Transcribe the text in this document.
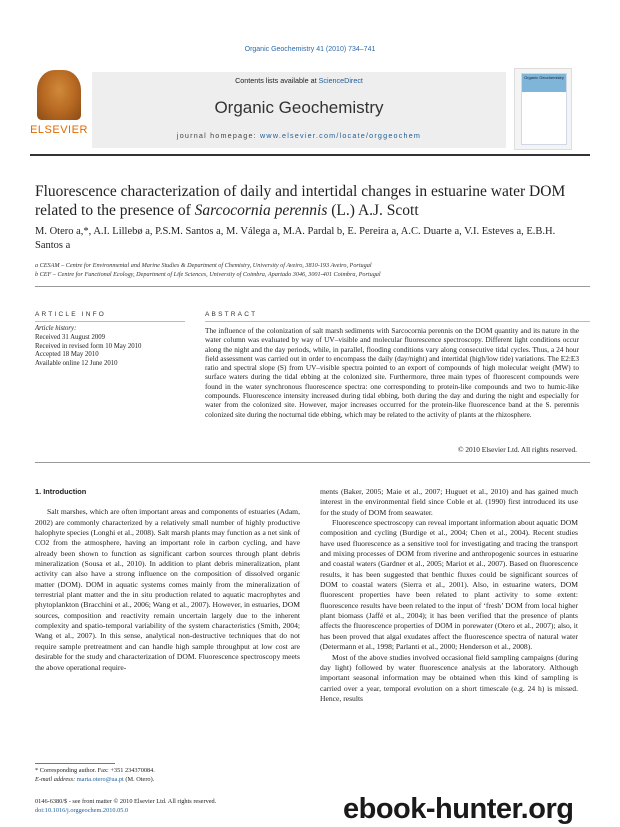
Organic Geochemistry 41 (2010) 734–741
Contents lists available at ScienceDirect
Organic Geochemistry
journal homepage: www.elsevier.com/locate/orggeochem
ELSEVIER
Organic Geochemistry
Fluorescence characterization of daily and intertidal changes in estuarine water DOM related to the presence of Sarcocornia perennis (L.) A.J. Scott
M. Otero a,*, A.I. Lillebø a, P.S.M. Santos a, M. Válega a, M.A. Pardal b, E. Pereira a, A.C. Duarte a, V.I. Esteves a, E.B.H. Santos a
a CESAM – Centre for Environmental and Marine Studies & Department of Chemistry, University of Aveiro, 3810-193 Aveiro, Portugal
b CEF – Centre for Functional Ecology, Department of Life Sciences, University of Coimbra, Apartado 3046, 3001-401 Coimbra, Portugal
ARTICLE INFO
Article history:
Received 31 August 2009
Received in revised form 10 May 2010
Accepted 18 May 2010
Available online 12 June 2010
ABSTRACT
The influence of the colonization of salt marsh sediments with Sarcocornia perennis on the DOM quantity and its nature in the water column was evaluated by way of UV–visible and molecular fluorescence spectroscopy. Different light conditions occur along the night and the day periods, while, in parallel, flooding conditions vary along consecutive tidal cycles. Thus, a 24 hour field assessment was carried out in order to encompass the daily (day/night) and intertidal (high/low tide) variations. The E2:E3 ratio and spectral slope (S) from UV–visible spectra pointed to an export of compounds of high molecular weight (MW) to surface waters during the tidal ebbing at the colonized site. Furthermore, three main types of fluorescent compounds were found in the water synchronous fluorescence spectra: one corresponding to protein-like compounds and two to humic-like compounds. Fluorescence intensity increased during tidal ebbing, both during the day and during the night and especially for water from the colonized site. However, major increases occurred for the protein-like fluorescence band at the S. perennis colonized site during the nocturnal tide ebbing, which may be related to the activity of plants at the rhizosphere.
© 2010 Elsevier Ltd. All rights reserved.
1. Introduction

Salt marshes, which are often important areas and components of estuaries (Adam, 2002) are commonly characterized by a relatively small number of highly productive halophyte species (Longhi et al., 2008). Salt marsh plants may function as a net sink of CO2 from the atmosphere, having an important role in carbon cycling, and have already been shown to function as significant carbon sources through plant debris mineralization (Sousa et al., 2010). In addition to plant debris mineralization, plant activity can also have a strong influence on the composition of dissolved organic matter (DOM). DOM in aquatic systems comes mainly from the mineralization of terrestrial plant matter and the in situ production related to aquatic macrophytes and phytoplankton (Bracchini et al., 2006; Wang et al., 2007). However, in estuaries, DOM sources, composition and reactivity remain uncertain largely due to the inherent complexity and spatio-temporal variability of the system characteristics (Smith, 2004; Wang et al., 2007). In this sense, analytical non-destructive techniques that do not require sample pretreatment and can handle high sample throughput at low cost are desirable for the study and characterization of DOM. Fluorescence spectroscopy meets the above operational require-

ments (Baker, 2005; Maie et al., 2007; Huguet et al., 2010) and has gained much interest in the environmental field since Coble et al. (1990) first introduced its use for the study of DOM from seawater.

Fluorescence spectroscopy can reveal important information about aquatic DOM composition and cycling (Burdige et al., 2004; Chen et al., 2004). Recent studies have used fluorescence as a sensitive tool for investigating and tracing the transport and mixing processes of DOM from riverine and anthropogenic sources in estuarine and coastal waters (Gardner et al., 2005; Mariot et al., 2007). Based on fluorescence results, it has been suggested that benthic fluxes could be significant sources of DOM to coastal waters (Sierra et al., 2001). Also, in estuarine waters, DOM fluorescent properties have been related to plant activity to some extent: fluorescence results have been related to the input of ‘fresh’ DOM from local higher plant biomass (Jaffé et al., 2004); it has been verified that the presence of plants affects the fluorescence properties of DOM in porewater (Otero et al., 2007); also, it has been proved that algal exudates affect the fluorescence spectra of natural water (Determann et al., 1998; Parlanti et al., 2000; Henderson et al., 2008).

Most of the above studies involved occasional field sampling campaigns (during day light) followed by water fluorescence analysis at the laboratory. Although important seasonal information may be obtained when this kind of sampling is carried over a year, temporal evolution on a short timescale (e.g. 24 h) is missed. Hence, results

* Corresponding author. Fax: +351 234370084.
E-mail address: marta.otero@ua.pt (M. Otero).
0146-6380/$ - see front matter © 2010 Elsevier Ltd. All rights reserved.
doi:10.1016/j.orggeochem.2010.05.0	ebook-hunter.org
